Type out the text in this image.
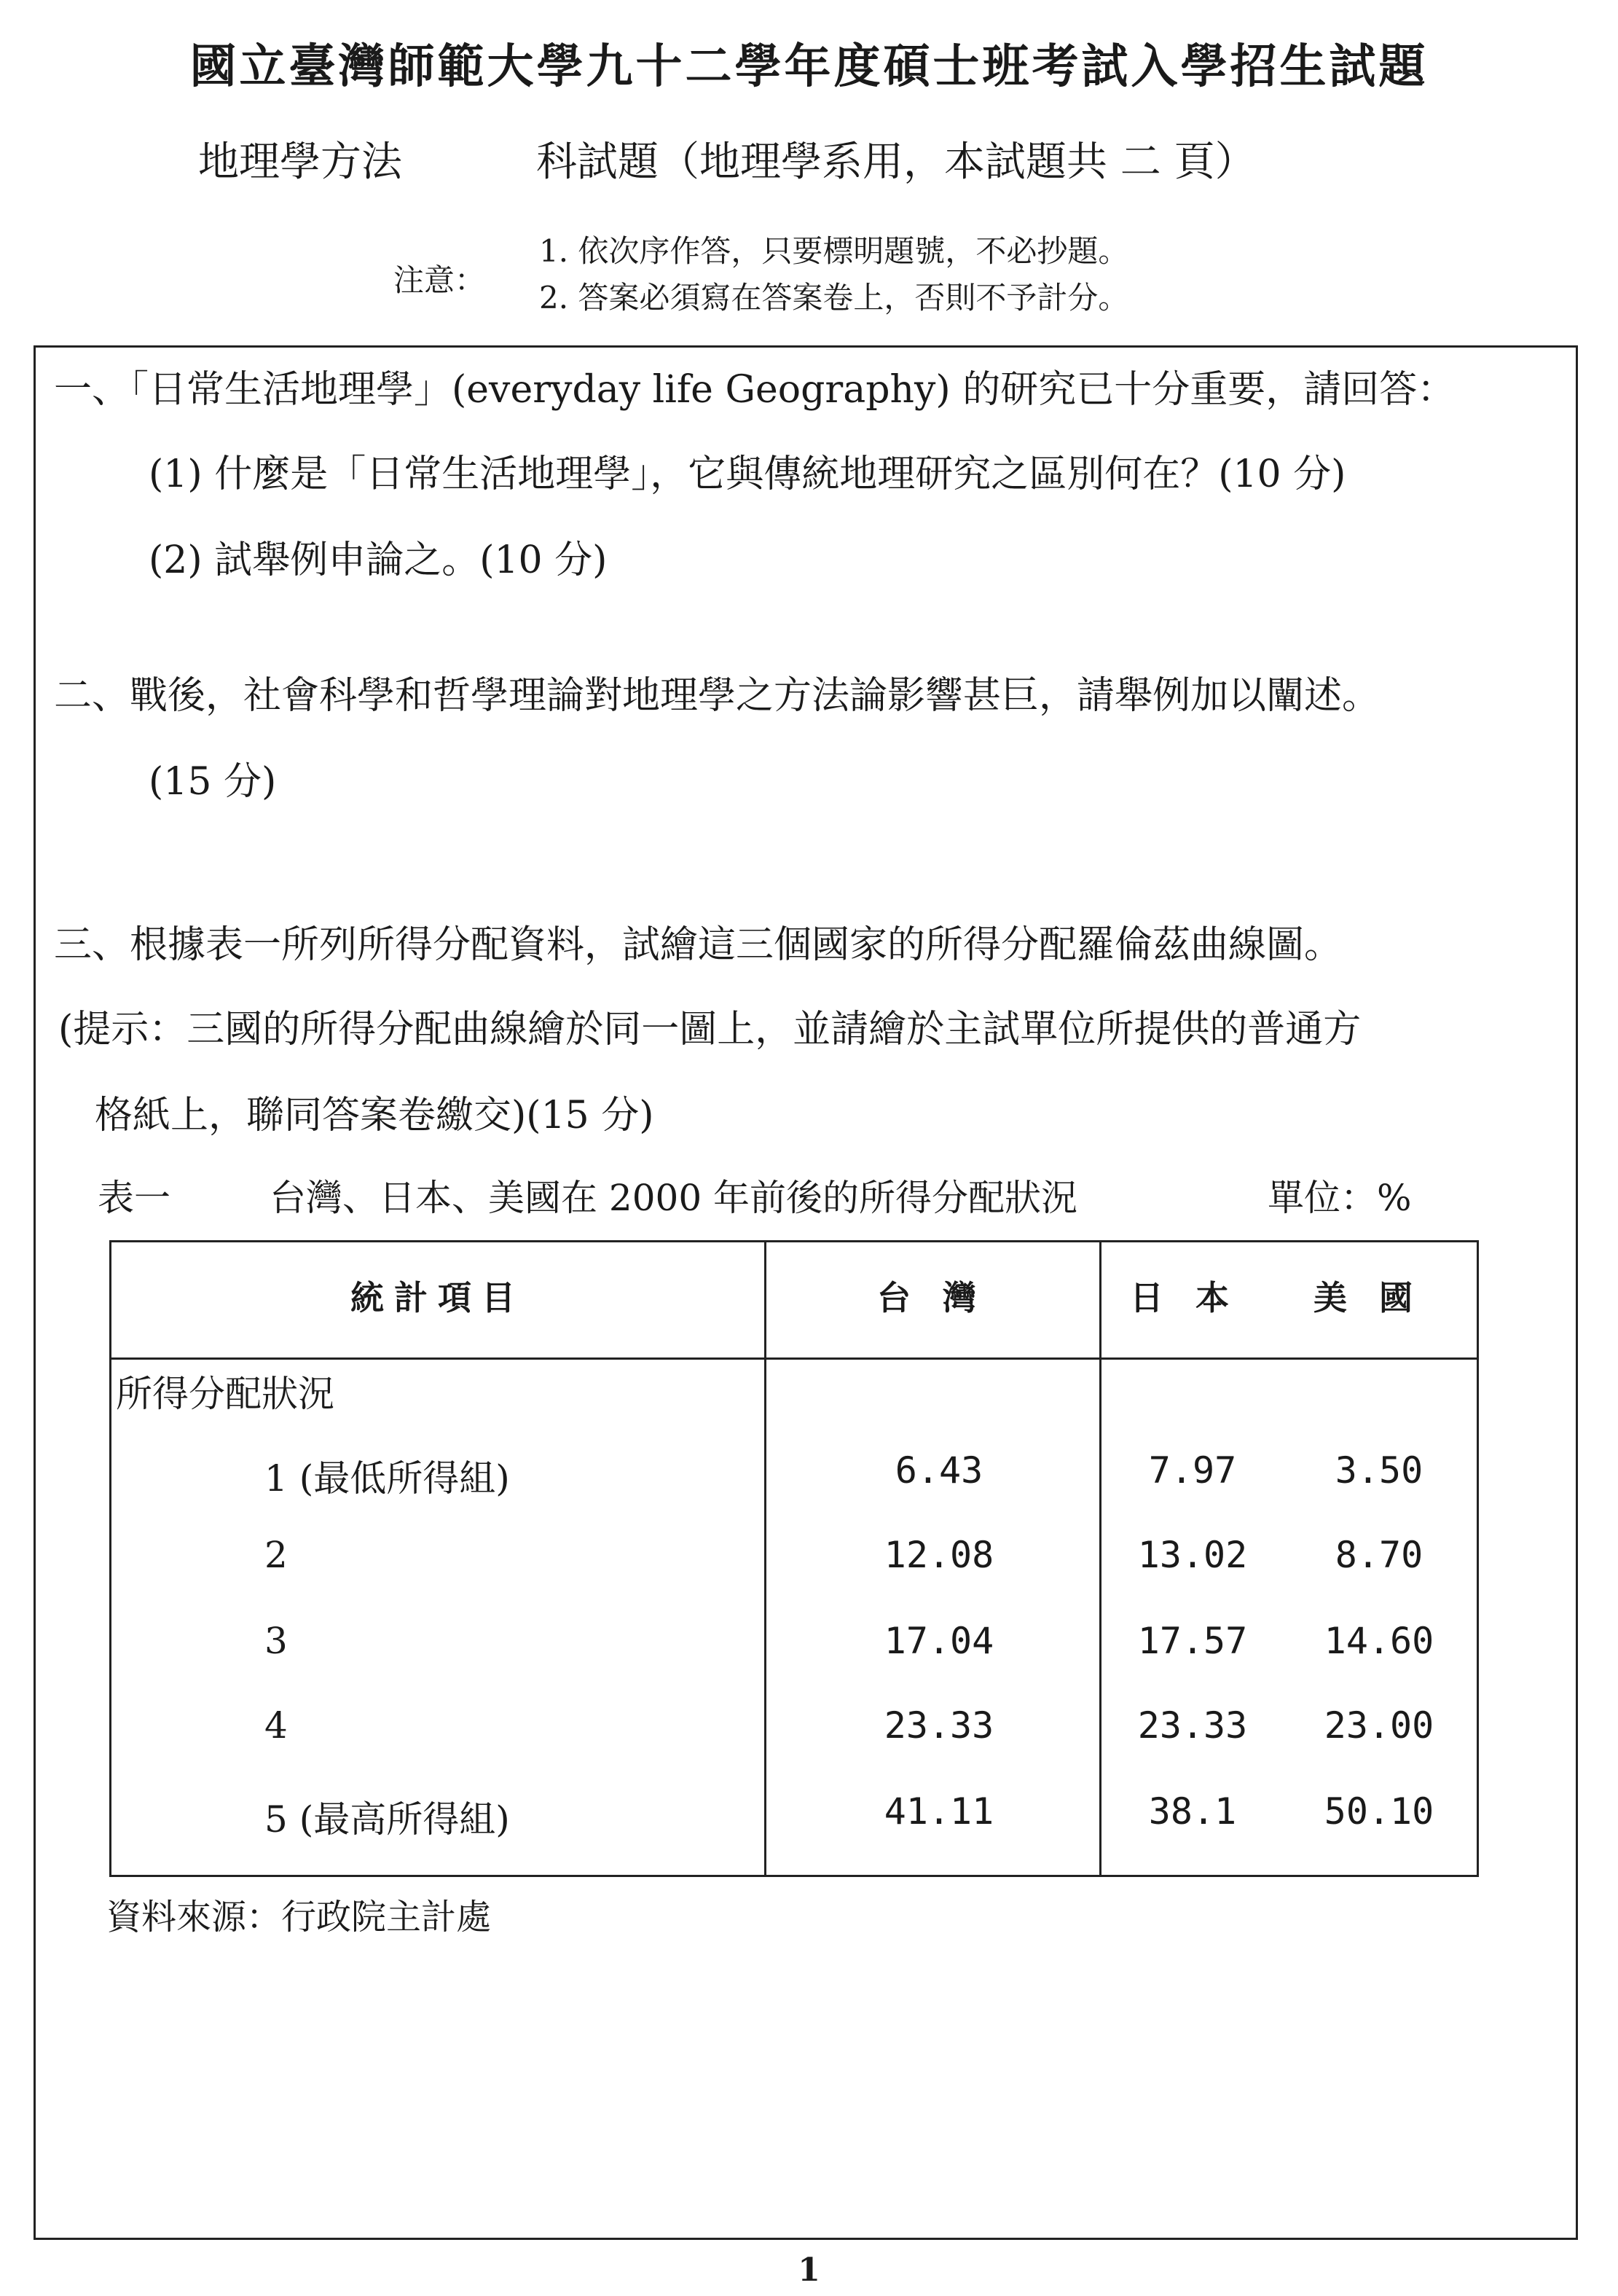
國立臺灣師範大學九十二學年度碩士班考試入學招生試題
地理學方法	科試題（地理學系用，本試題共 二 頁）
注意：
1. 依次序作答，只要標明題號，不必抄題。
2. 答案必須寫在答案卷上，否則不予計分。
一、「日常生活地理學」(everyday life Geography) 的研究已十分重要，請回答：
(1) 什麼是「日常生活地理學」，它與傳統地理研究之區別何在？(10 分)
(2) 試舉例申論之。(10 分)
二、戰後，社會科學和哲學理論對地理學之方法論影響甚巨，請舉例加以闡述。
(15 分)
三、根據表一所列所得分配資料，試繪這三個國家的所得分配羅倫茲曲線圖。
(提示：三國的所得分配曲線繪於同一圖上，並請繪於主試單位所提供的普通方
格紙上，聯同答案卷繳交)(15 分)
表一	台灣、日本、美國在 2000 年前後的所得分配狀況	單位：%
統計項目	台 灣	日 本 美 國
所得分配狀況
1 (最低所得組)	6.43	7.97	3.50
2	12.08	13.02	8.70
3	17.04	17.57 14.60
4	23.33	23.33 23.00
5 (最高所得組)	41.11	38.1	50.10
資料來源：行政院主計處
1
